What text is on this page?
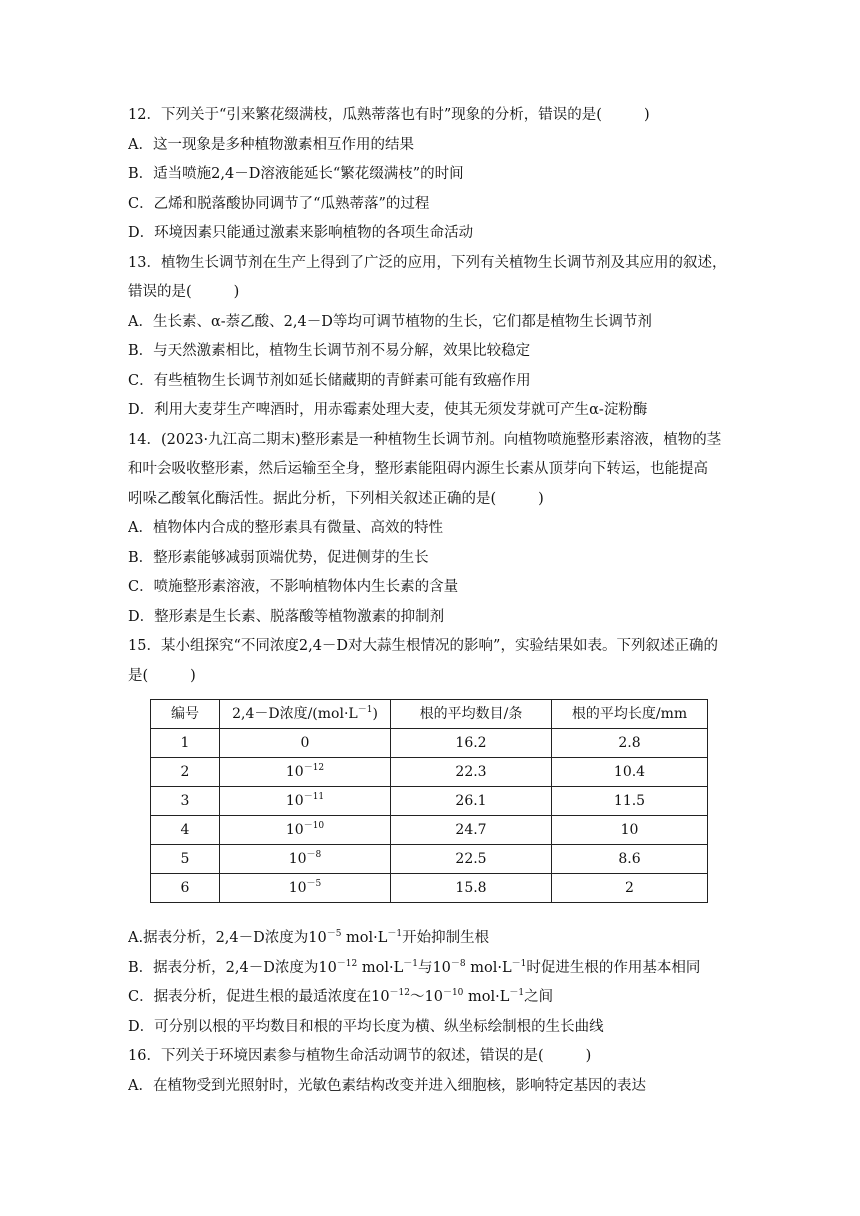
12．下列关于“引来繁花缀满枝，瓜熟蒂落也有时”现象的分析，错误的是(	)
A．这一现象是多种植物激素相互作用的结果
B．适当喷施2,4－D溶液能延长“繁花缀满枝”的时间
C．乙烯和脱落酸协同调节了“瓜熟蒂落”的过程
D．环境因素只能通过激素来影响植物的各项生命活动
13．植物生长调节剂在生产上得到了广泛的应用，下列有关植物生长调节剂及其应用的叙述，
错误的是(	)
A．生长素、α-萘乙酸、2,4－D等均可调节植物的生长，它们都是植物生长调节剂
B．与天然激素相比，植物生长调节剂不易分解，效果比较稳定
C．有些植物生长调节剂如延长储藏期的青鲜素可能有致癌作用
D．利用大麦芽生产啤酒时，用赤霉素处理大麦，使其无须发芽就可产生α-淀粉酶
14．(2023·九江高二期末)整形素是一种植物生长调节剂。向植物喷施整形素溶液，植物的茎
和叶会吸收整形素，然后运输至全身，整形素能阻碍内源生长素从顶芽向下转运，也能提高
吲哚乙酸氧化酶活性。据此分析，下列相关叙述正确的是(	)
A．植物体内合成的整形素具有微量、高效的特性
B．整形素能够减弱顶端优势，促进侧芽的生长
C．喷施整形素溶液，不影响植物体内生长素的含量
D．整形素是生长素、脱落酸等植物激素的抑制剂
15．某小组探究“不同浓度2,4－D对大蒜生根情况的影响”，实验结果如表。下列叙述正确的
是(	)
编号	2,4－D浓度$/(mol\cdot L^{-1})$	根的平均数目/条	根的平均长度/mm
1	0	16.2	2.8
2	$10^{-12}$	22.3	10.4
3	$10^{-11}$	26.1	11.5
4	$10^{-10}$	24.7	10
5	$10^{-8}$	22.5	8.6
6	$10^{-5}$	15.8	2
A.据表分析，2,4－D浓度为$10^{-5}$ $mol\cdot L^{-1}$开始抑制生根
B．据表分析，2,4－D浓度为$10^{-12}$ $mol\cdot L^{-1}$与$10^{-8}$ $mol\cdot L^{-1}$时促进生根的作用基本相同
C．据表分析，促进生根的最适浓度在$10^{-12}\sim 10^{-10}$ $mol\cdot L^{-1}$之间
D．可分别以根的平均数目和根的平均长度为横、纵坐标绘制根的生长曲线
16．下列关于环境因素参与植物生命活动调节的叙述，错误的是(	)
A．在植物受到光照射时，光敏色素结构改变并进入细胞核，影响特定基因的表达
